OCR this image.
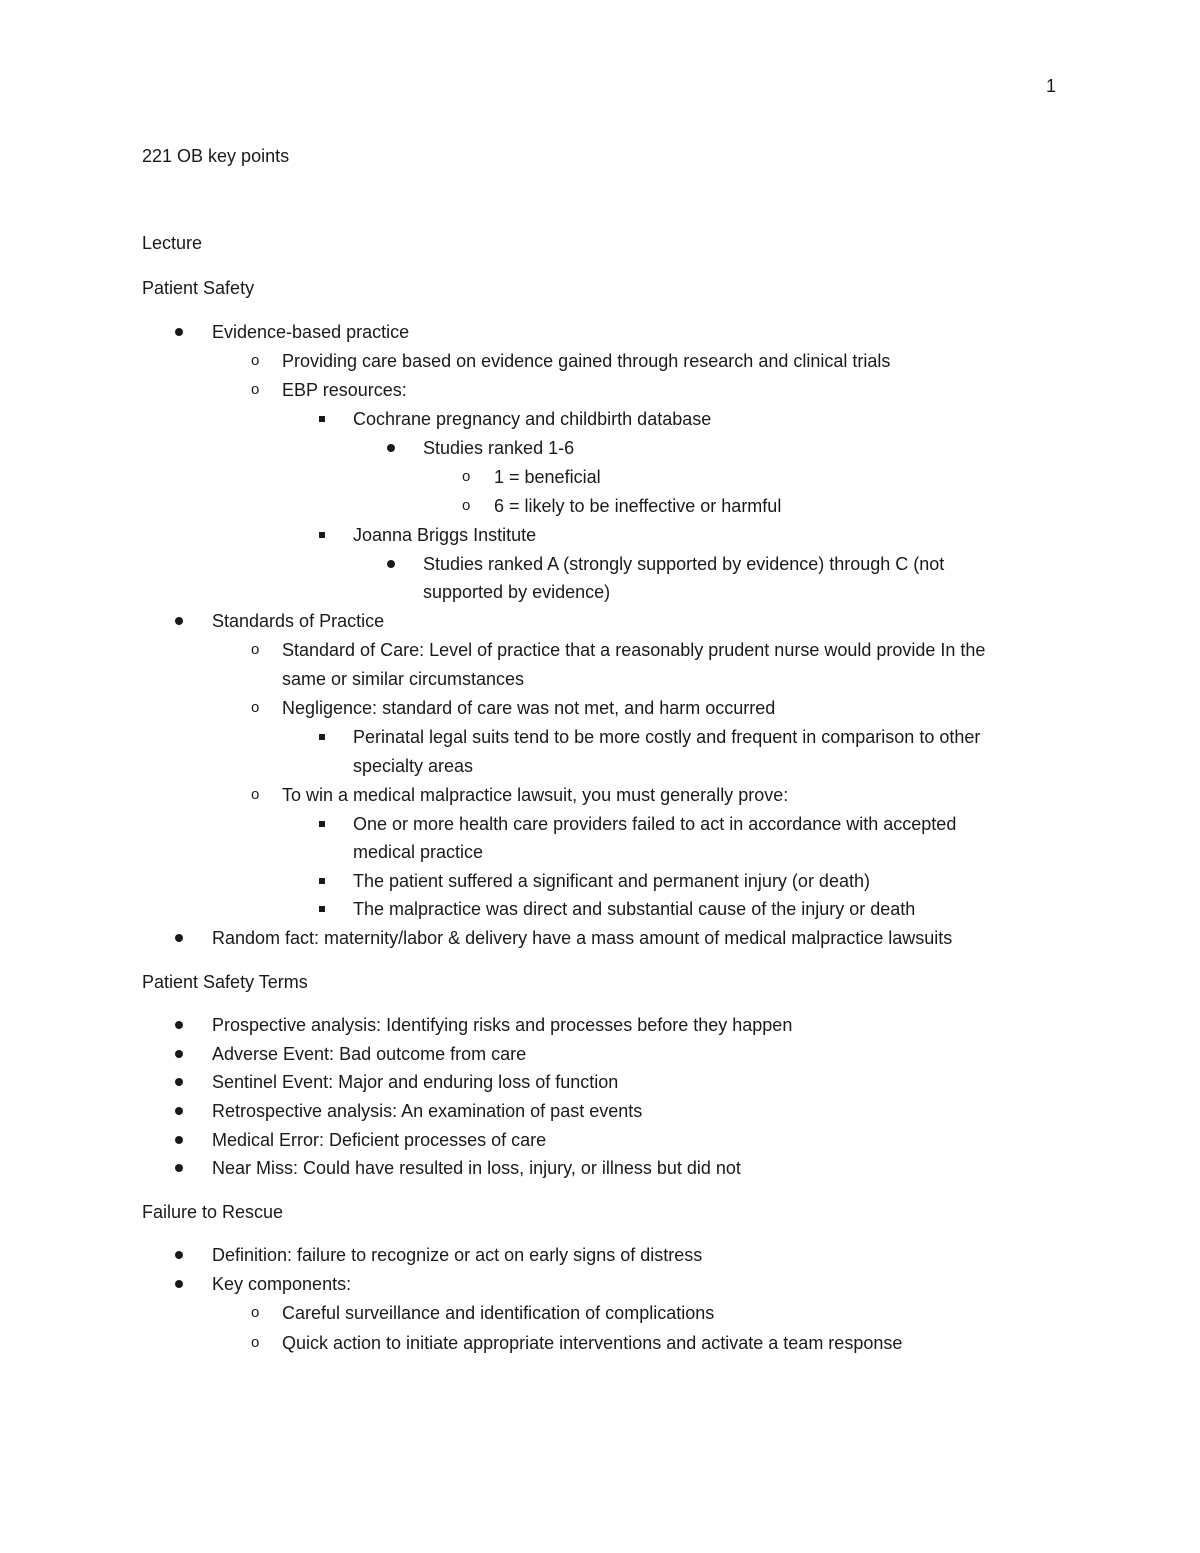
1
221 OB key points
Lecture
Patient Safety
Evidence-based practice
o Providing care based on evidence gained through research and clinical trials
o EBP resources:
Cochrane pregnancy and childbirth database
Studies ranked 1-6
o 1 = beneficial
o 6 = likely to be ineffective or harmful
Joanna Briggs Institute
Studies ranked A (strongly supported by evidence) through C (not
supported by evidence)
Standards of Practice
o Standard of Care: Level of practice that a reasonably prudent nurse would provide In the
same or similar circumstances
o Negligence: standard of care was not met, and harm occurred
Perinatal legal suits tend to be more costly and frequent in comparison to other
specialty areas
o To win a medical malpractice lawsuit, you must generally prove:
One or more health care providers failed to act in accordance with accepted
medical practice
The patient suffered a significant and permanent injury (or death)
The malpractice was direct and substantial cause of the injury or death
Random fact: maternity/labor & delivery have a mass amount of medical malpractice lawsuits
Patient Safety Terms
Prospective analysis: Identifying risks and processes before they happen
Adverse Event: Bad outcome from care
Sentinel Event: Major and enduring loss of function
Retrospective analysis: An examination of past events
Medical Error: Deficient processes of care
Near Miss: Could have resulted in loss, injury, or illness but did not
Failure to Rescue
Definition: failure to recognize or act on early signs of distress
Key components:
o Careful surveillance and identification of complications
o Quick action to initiate appropriate interventions and activate a team response
